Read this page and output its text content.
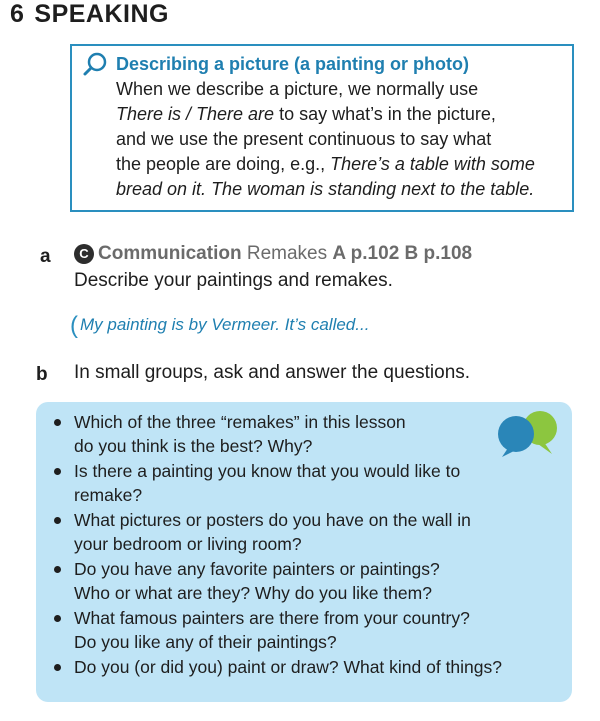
6 SPEAKING
Describing a picture (a painting or photo)
When we describe a picture, we normally use
There is / There are to say what’s in the picture,
and we use the present continuous to say what
the people are doing, e.g., There’s a table with some
bread on it. The woman is standing next to the table.
a	C Communication Remakes A p.102 B p.108
Describe your paintings and remakes.
( My painting is by Vermeer. It’s called...
b In small groups, ask and answer the questions.
Which of the three “remakes” in this lesson
do you think is the best? Why?
Is there a painting you know that you would like to
remake?
What pictures or posters do you have on the wall in
your bedroom or living room?
Do you have any favorite painters or paintings?
Who or what are they? Why do you like them?
What famous painters are there from your country?
Do you like any of their paintings?
Do you (or did you) paint or draw? What kind of things?
